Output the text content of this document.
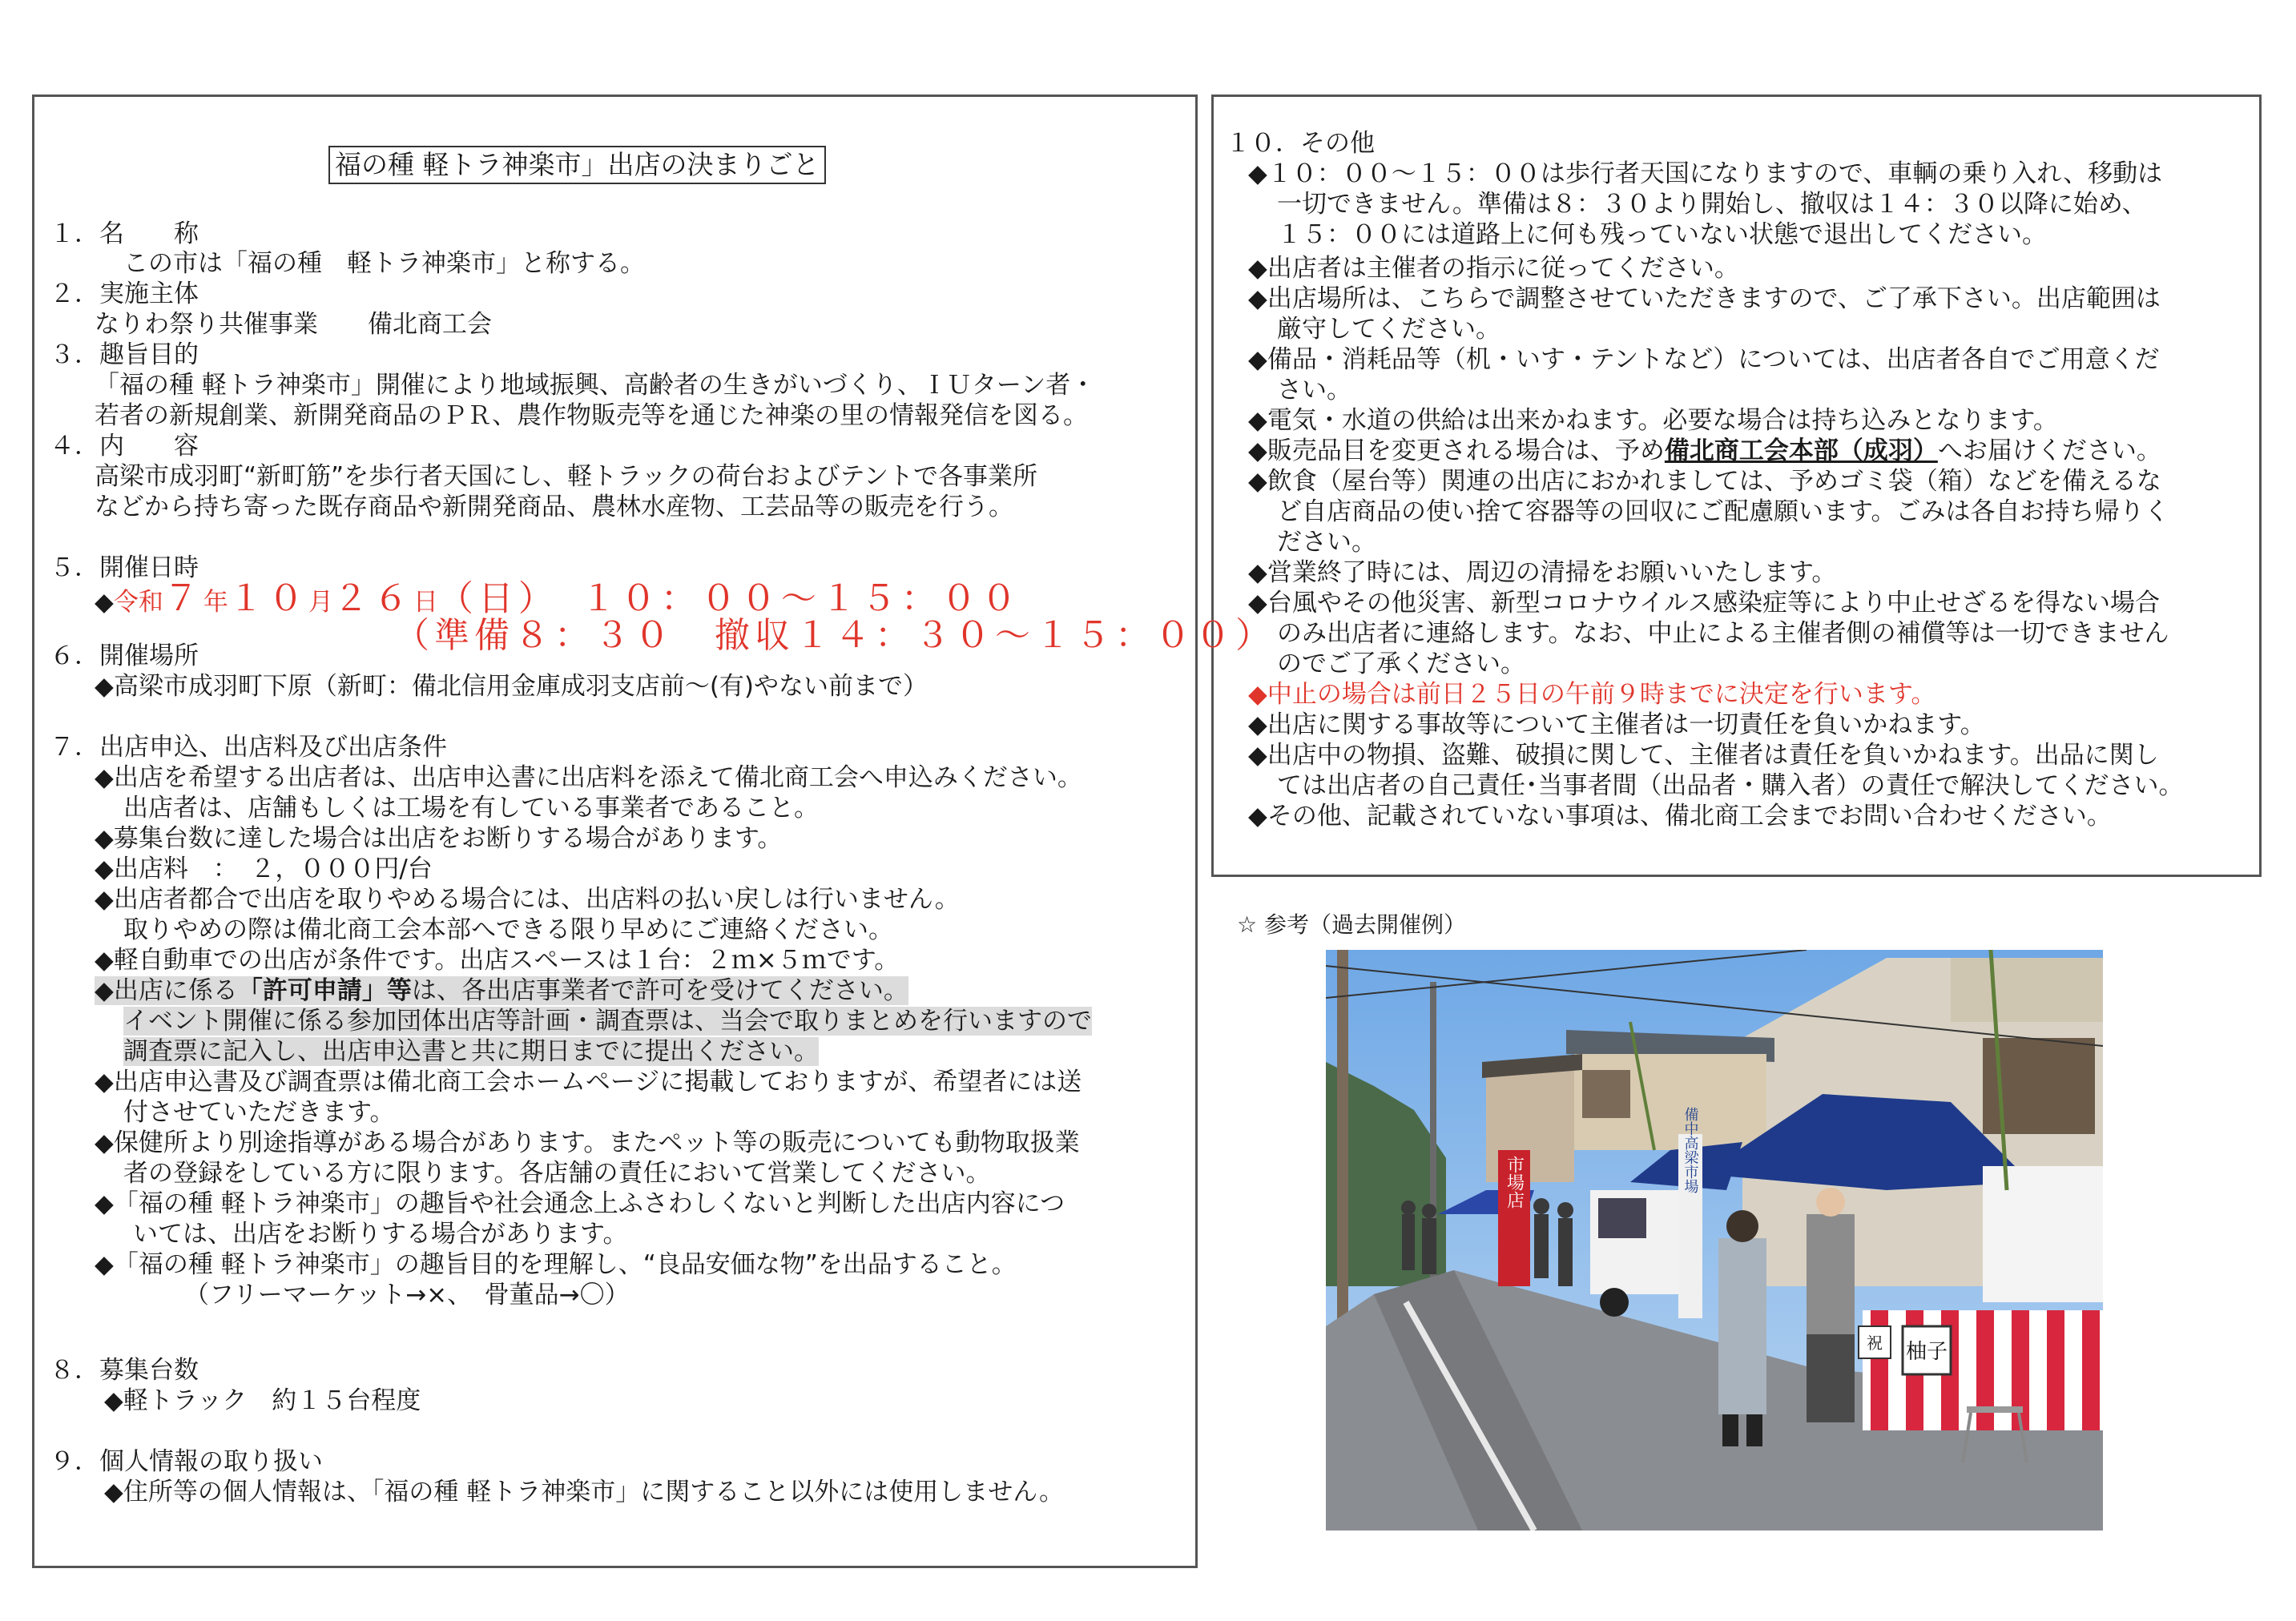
福の種 軽トラ神楽市」出店の決まりごと
１．名　　称
この市は「福の種　軽トラ神楽市」と称する。
２．実施主体
なりわ祭り共催事業　　備北商工会
３．趣旨目的
「福の種 軽トラ神楽市」開催により地域振興、高齢者の生きがいづくり、ＩＵターン者・
若者の新規創業、新開発商品のＰＲ、農作物販売等を通じた神楽の里の情報発信を図る。
４．内　　容
高梁市成羽町“新町筋”を歩行者天国にし、軽トラックの荷台およびテントで各事業所
などから持ち寄った既存商品や新開発商品、農林水産物、工芸品等の販売を行う。
５．開催日時
６．開催場所
◆高梁市成羽町下原（新町：備北信用金庫成羽支店前〜(有)やない前まで）
７．出店申込、出店料及び出店条件
◆出店を希望する出店者は、出店申込書に出店料を添えて備北商工会へ申込みください。
出店者は、店舗もしくは工場を有している事業者であること。
◆募集台数に達した場合は出店をお断りする場合があります。
◆出店料　：　２，０００円/台
◆出店者都合で出店を取りやめる場合には、出店料の払い戻しは行いません。
取りやめの際は備北商工会本部へできる限り早めにご連絡ください。
◆軽自動車での出店が条件です。出店スペースは１台：２ｍ×５ｍです。
◆出店申込書及び調査票は備北商工会ホームページに掲載しておりますが、希望者には送
付させていただきます。
◆保健所より別途指導がある場合があります。またペット等の販売についても動物取扱業
者の登録をしている方に限ります。各店舗の責任において営業してください。
◆「福の種 軽トラ神楽市」の趣旨や社会通念上ふさわしくないと判断した出店内容につ
いては、出店をお断りする場合があります。
◆「福の種 軽トラ神楽市」の趣旨目的を理解し、“良品安価な物”を出品すること。
（フリーマーケット→×、　骨董品→〇）
８．募集台数
◆軽トラック　約１５台程度
９．個人情報の取り扱い
◆住所等の個人情報は、「福の種 軽トラ神楽市」に関すること以外には使用しません。
◆令和７年１０月２６日（日）　１０：００〜１５：００
（準備８：３０　撤収１４：３０〜１５：００）
◆出店に係る「許可申請」等は、各出店事業者で許可を受けてください。
イベント開催に係る参加団体出店等計画・調査票は、当会で取りまとめを行いますので
調査票に記入し、出店申込書と共に期日までに提出ください。
１０．その他
◆１０：００〜１５：００は歩行者天国になりますので、車輌の乗り入れ、移動は
一切できません。準備は８：３０より開始し、撤収は１４：３０以降に始め、
１５：００には道路上に何も残っていない状態で退出してください。
◆出店者は主催者の指示に従ってください。
◆出店場所は、こちらで調整させていただきますので、ご了承下さい。出店範囲は
厳守してください。
◆備品・消耗品等（机・いす・テントなど）については、出店者各自でご用意くだ
さい。
◆電気・水道の供給は出来かねます。必要な場合は持ち込みとなります。
◆飲食（屋台等）関連の出店におかれましては、予めゴミ袋（箱）などを備えるな
ど自店商品の使い捨て容器等の回収にご配慮願います。ごみは各自お持ち帰りく
ださい。
◆営業終了時には、周辺の清掃をお願いいたします。
◆台風やその他災害、新型コロナウイルス感染症等により中止せざるを得ない場合
のみ出店者に連絡します。なお、中止による主催者側の補償等は一切できません
のでご了承ください。
◆中止の場合は前日２５日の午前９時までに決定を行います。
◆出店に関する事故等について主催者は一切責任を負いかねます。
◆出店中の物損、盗難、破損に関して、主催者は責任を負いかねます。出品に関し
ては出店者の自己責任･当事者間（出品者・購入者）の責任で解決してください。
◆その他、記載されていない事項は、備北商工会までお問い合わせください。
◆販売品目を変更される場合は、予め備北商工会本部（成羽）へお届けください。
☆ 参考（過去開催例）
市場店	備中高梁市場
柚子
祝
